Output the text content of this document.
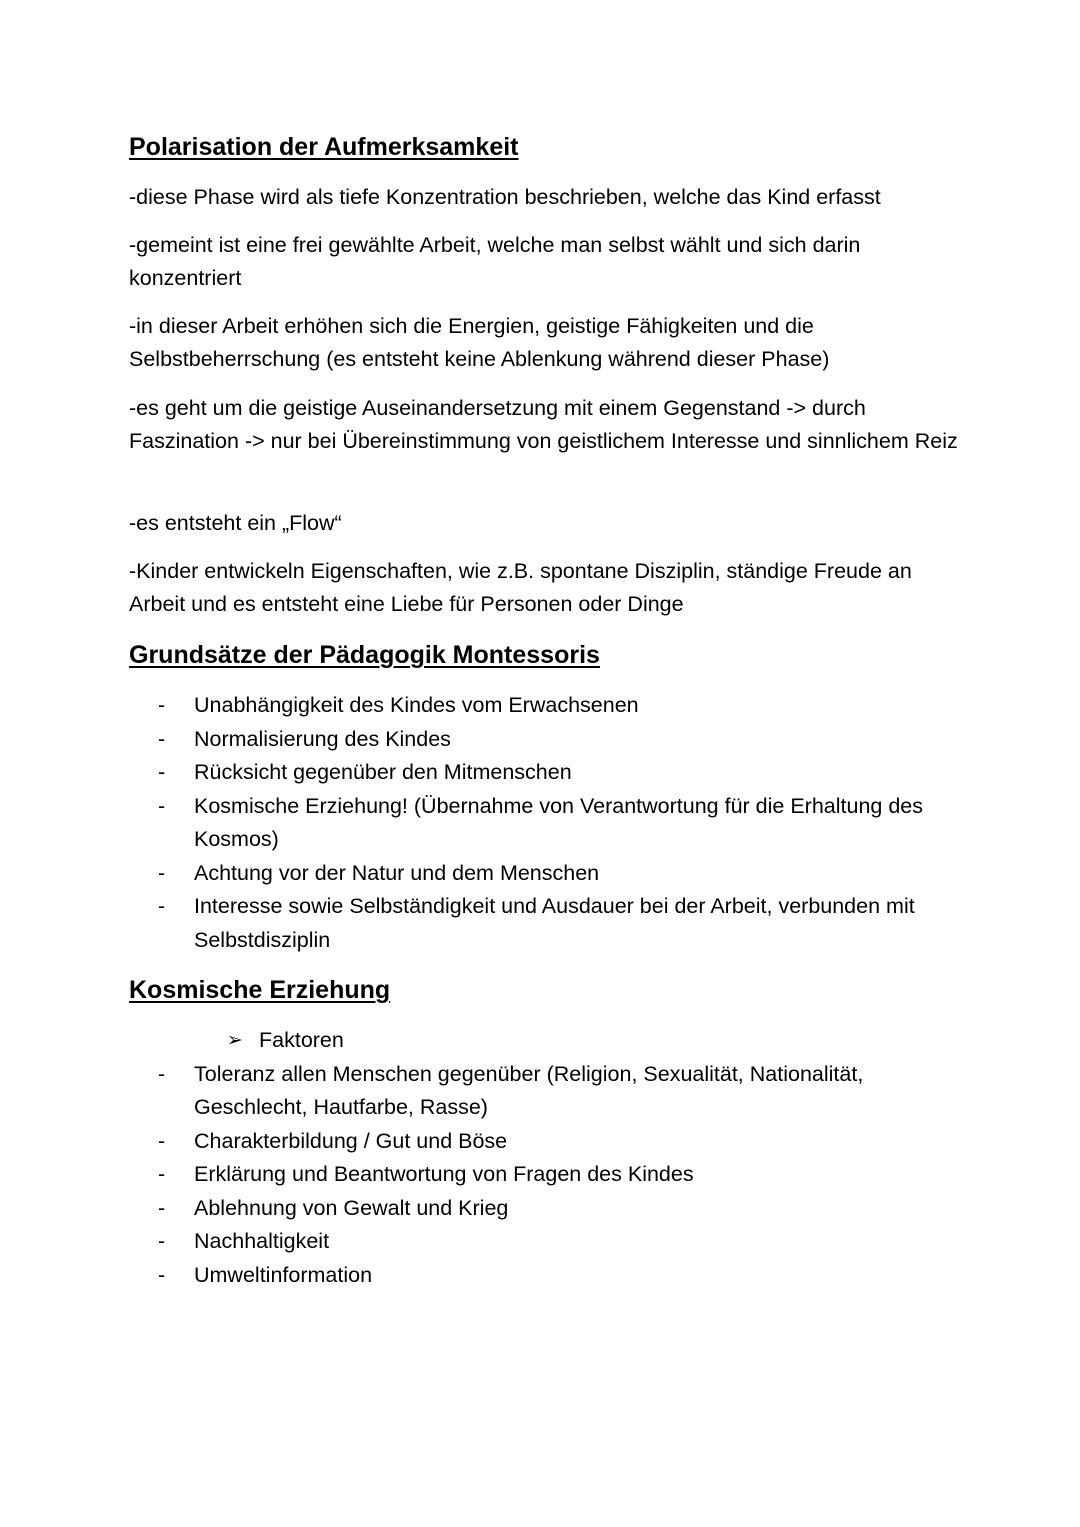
Polarisation der Aufmerksamkeit

-diese Phase wird als tiefe Konzentration beschrieben, welche das Kind erfasst

-gemeint ist eine frei gewählte Arbeit, welche man selbst wählt und sich darin konzentriert

-in dieser Arbeit erhöhen sich die Energien, geistige Fähigkeiten und die Selbstbeherrschung (es entsteht keine Ablenkung während dieser Phase)

-es geht um die geistige Auseinandersetzung mit einem Gegenstand -> durch Faszination -> nur bei Übereinstimmung von geistlichem Interesse und sinnlichem Reiz

-es entsteht ein „Flow“

-Kinder entwickeln Eigenschaften, wie z.B. spontane Disziplin, ständige Freude an Arbeit und es entsteht eine Liebe für Personen oder Dinge

Grundsätze der Pädagogik Montessoris
- Unabhängigkeit des Kindes vom Erwachsenen
- Normalisierung des Kindes
- Rücksicht gegenüber den Mitmenschen
- Kosmische Erziehung! (Übernahme von Verantwortung für die Erhaltung des Kosmos)
- Achtung vor der Natur und dem Menschen
- Interesse sowie Selbständigkeit und Ausdauer bei der Arbeit, verbunden mit Selbstdisziplin
Kosmische Erziehung
➢ Faktoren
- Toleranz allen Menschen gegenüber (Religion, Sexualität, Nationalität, Geschlecht, Hautfarbe, Rasse)
- Charakterbildung / Gut und Böse
- Erklärung und Beantwortung von Fragen des Kindes
- Ablehnung von Gewalt und Krieg
- Nachhaltigkeit
- Umweltinformation
